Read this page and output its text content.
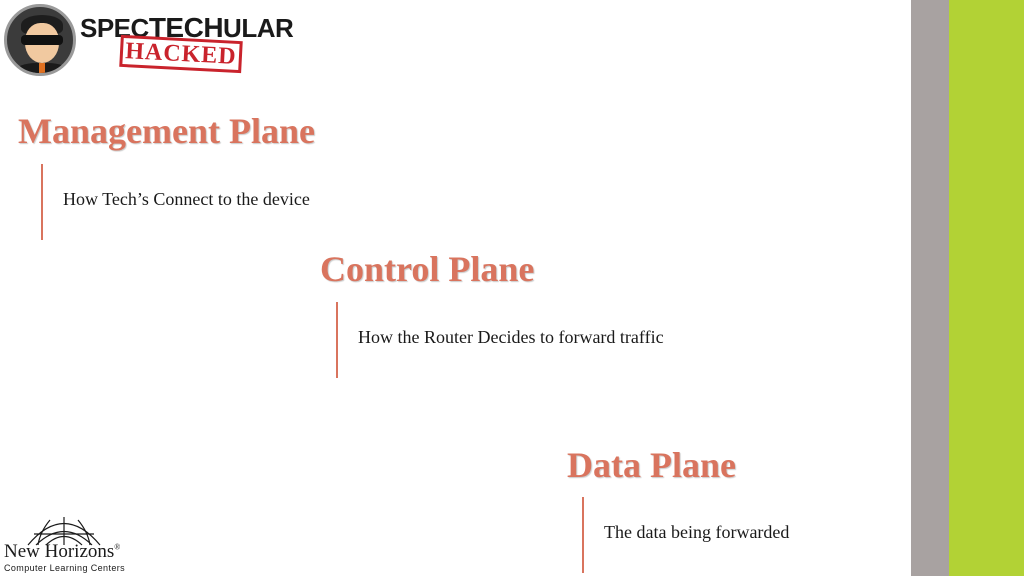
SPECTECHULAR
HACKED
Management Plane
How Tech’s Connect to the device
Control Plane
How the Router Decides to forward traffic
Data Plane
The data being forwarded
New Horizons®
Computer Learning Centers
